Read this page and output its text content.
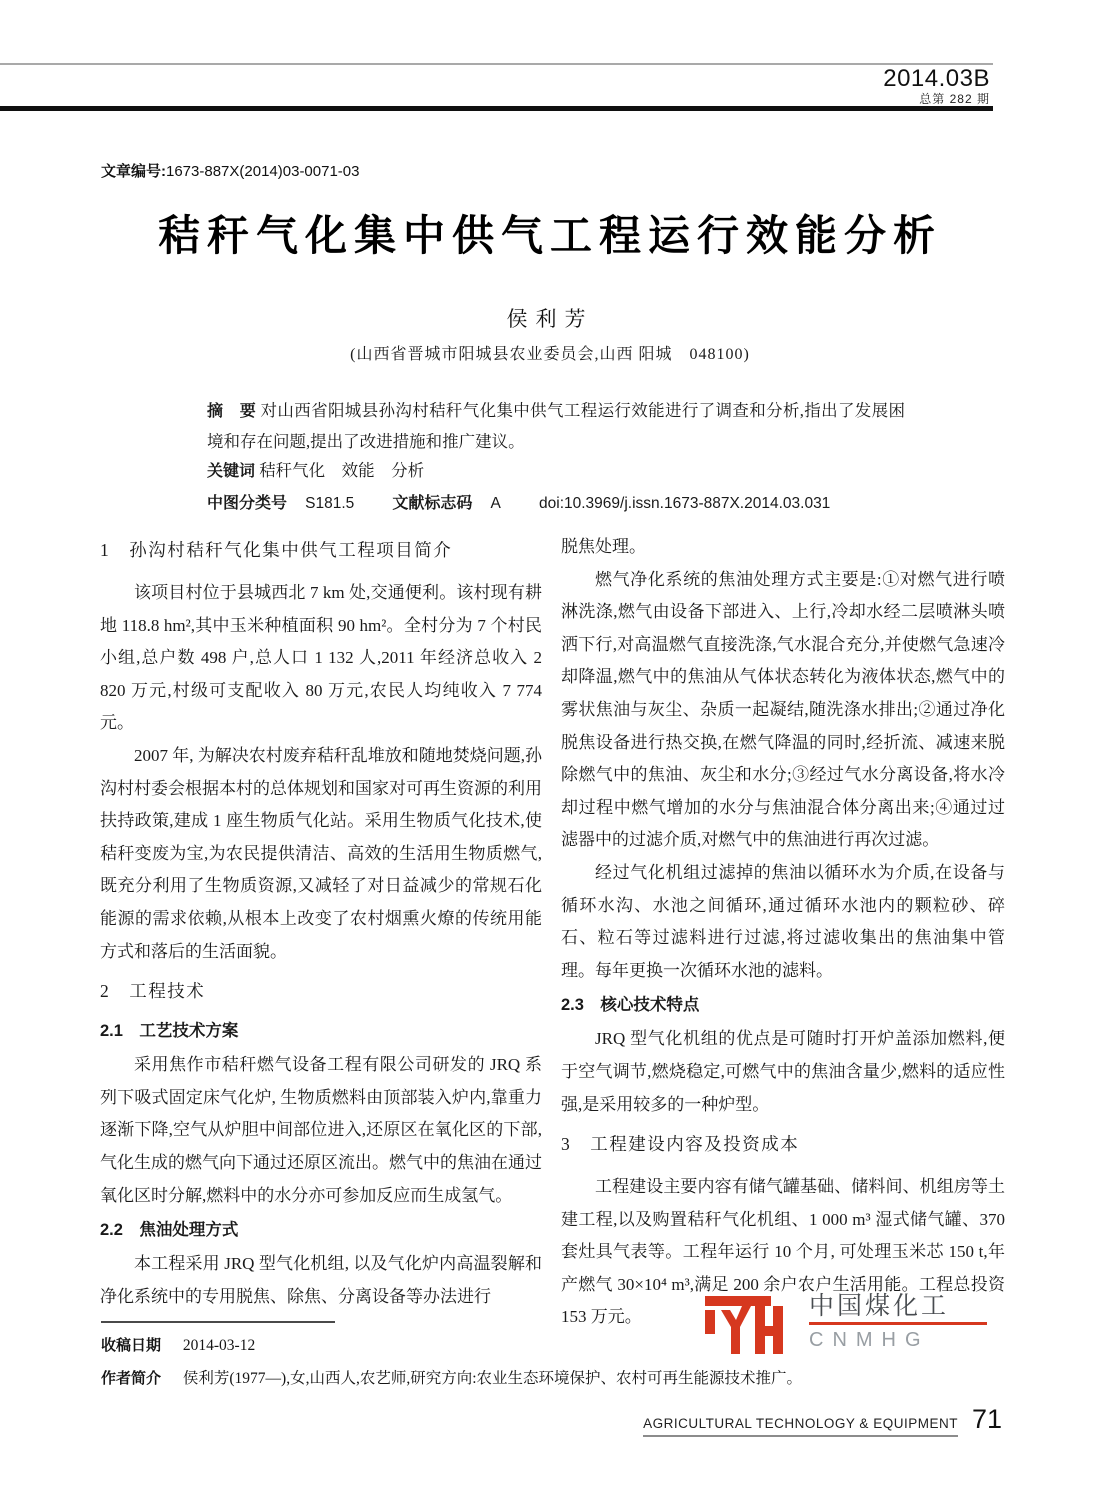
2014.03B
总第 282 期
文章编号:1673-887X(2014)03-0071-03
秸秆气化集中供气工程运行效能分析
侯利芳
(山西省晋城市阳城县农业委员会,山西 阳城　048100)
摘　要 对山西省阳城县孙沟村秸秆气化集中供气工程运行效能进行了调查和分析,指出了发展困境和存在问题,提出了改进措施和推广建议。
关键词 秸秆气化　效能　分析
中图分类号 S181.5 文献标志码 A doi:10.3969/j.issn.1673-887X.2014.03.031
1　孙沟村秸秆气化集中供气工程项目简介

该项目村位于县城西北 7 km 处,交通便利。该村现有耕地 118.8 hm²,其中玉米种植面积 90 hm²。全村分为 7 个村民小组,总户数 498 户,总人口 1 132 人,2011 年经济总收入 2 820 万元,村级可支配收入 80 万元,农民人均纯收入 7 774 元。

2007 年, 为解决农村废弃秸秆乱堆放和随地焚烧问题,孙沟村村委会根据本村的总体规划和国家对可再生资源的利用扶持政策,建成 1 座生物质气化站。采用生物质气化技术,使秸秆变废为宝,为农民提供清洁、高效的生活用生物质燃气,既充分利用了生物质资源,又减轻了对日益减少的常规石化能源的需求依赖,从根本上改变了农村烟熏火燎的传统用能方式和落后的生活面貌。

2　工程技术
2.1　工艺技术方案

采用焦作市秸秆燃气设备工程有限公司研发的 JRQ 系列下吸式固定床气化炉, 生物质燃料由顶部装入炉内,靠重力逐渐下降,空气从炉胆中间部位进入,还原区在氧化区的下部,气化生成的燃气向下通过还原区流出。燃气中的焦油在通过氧化区时分解,燃料中的水分亦可参加反应而生成氢气。

2.2　焦油处理方式

本工程采用 JRQ 型气化机组, 以及气化炉内高温裂解和净化系统中的专用脱焦、除焦、分离设备等办法进行

脱焦处理。

燃气净化系统的焦油处理方式主要是:①对燃气进行喷淋洗涤,燃气由设备下部进入、上行,冷却水经二层喷淋头喷洒下行,对高温燃气直接洗涤,气水混合充分,并使燃气急速冷却降温,燃气中的焦油从气体状态转化为液体状态,燃气中的雾状焦油与灰尘、杂质一起凝结,随洗涤水排出;②通过净化脱焦设备进行热交换,在燃气降温的同时,经折流、减速来脱除燃气中的焦油、灰尘和水分;③经过气水分离设备,将水冷却过程中燃气增加的水分与焦油混合体分离出来;④通过过滤器中的过滤介质,对燃气中的焦油进行再次过滤。

经过气化机组过滤掉的焦油以循环水为介质,在设备与循环水沟、水池之间循环,通过循环水池内的颗粒砂、碎石、粒石等过滤料进行过滤,将过滤收集出的焦油集中管理。每年更换一次循环水池的滤料。

2.3　核心技术特点

JRQ 型气化机组的优点是可随时打开炉盖添加燃料,便于空气调节,燃烧稳定,可燃气中的焦油含量少,燃料的适应性强,是采用较多的一种炉型。

3　工程建设内容及投资成本

工程建设主要内容有储气罐基础、储料间、机组房等土建工程,以及购置秸秆气化机组、1 000 m³ 湿式储气罐、370 套灶具气表等。工程年运行 10 个月, 可处理玉米芯 150 t,年产燃气 30×10⁴ m³,满足 200 余户农户生活用能。工程总投资 153 万元。

收稿日期 2014-03-12
作者简介 侯利芳(1977—),女,山西人,农艺师,研究方向:农业生态环境保护、农村可再生能源技术推广。
中国煤化工
CNMHG
AGRICULTURAL TECHNOLOGY & EQUIPMENT 71
